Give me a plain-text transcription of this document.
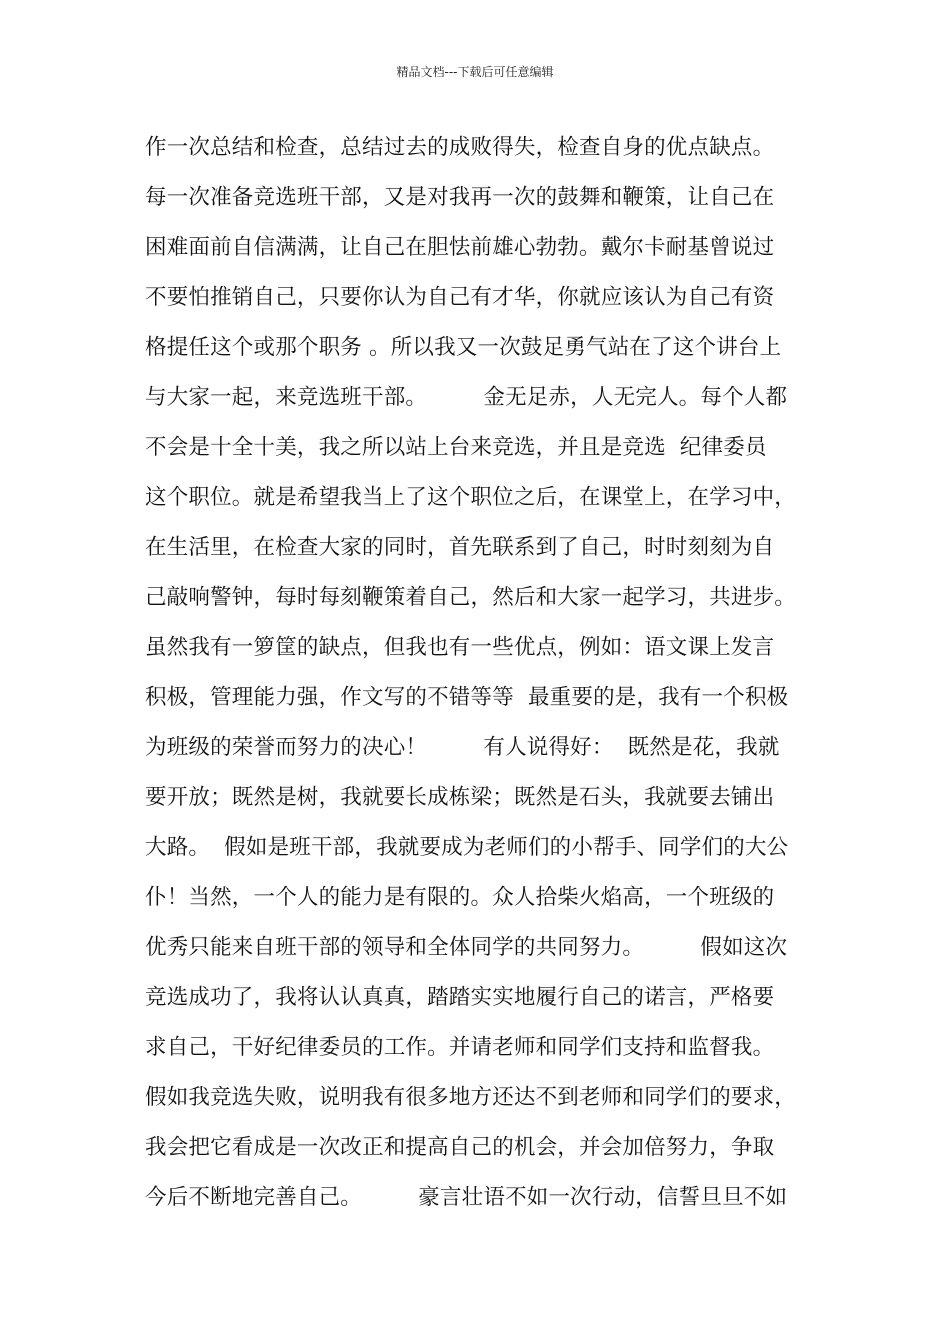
精品文档---下载后可任意编辑
作一次总结和检查，总结过去的成败得失，检查自身的优点缺点。
每一次准备竞选班干部，又是对我再一次的鼓舞和鞭策，让自己在
困难面前自信满满，让自己在胆怯前雄心勃勃。戴尔卡耐基曾说过
不要怕推销自己，只要你认为自己有才华，你就应该认为自己有资
格提任这个或那个职务 。所以我又一次鼓足勇气站在了这个讲台上
与大家一起，来竞选班干部。        金无足赤，人无完人。每个人都
不会是十全十美，我之所以站上台来竞选，并且是竞选  纪律委员
这个职位。就是希望我当上了这个职位之后，在课堂上，在学习中，
在生活里，在检查大家的同时，首先联系到了自己，时时刻刻为自
己敲响警钟，每时每刻鞭策着自己，然后和大家一起学习，共进步。
虽然我有一箩筐的缺点，但我也有一些优点，例如：语文课上发言
积极，管理能力强，作文写的不错等等  最重要的是，我有一个积极
为班级的荣誉而努力的决心！        有人说得好：  既然是花，我就
要开放；既然是树，我就要长成栋梁；既然是石头，我就要去铺出
大路。  假如是班干部，我就要成为老师们的小帮手、同学们的大公
仆！当然，一个人的能力是有限的。众人拾柴火焰高，一个班级的
优秀只能来自班干部的领导和全体同学的共同努力。        假如这次
竞选成功了，我将认认真真，踏踏实实地履行自己的诺言，严格要
求自己，干好纪律委员的工作。并请老师和同学们支持和监督我。
假如我竞选失败，说明我有很多地方还达不到老师和同学们的要求，
我会把它看成是一次改正和提高自己的机会，并会加倍努力，争取
今后不断地完善自己。        豪言壮语不如一次行动，信誓旦旦不如
